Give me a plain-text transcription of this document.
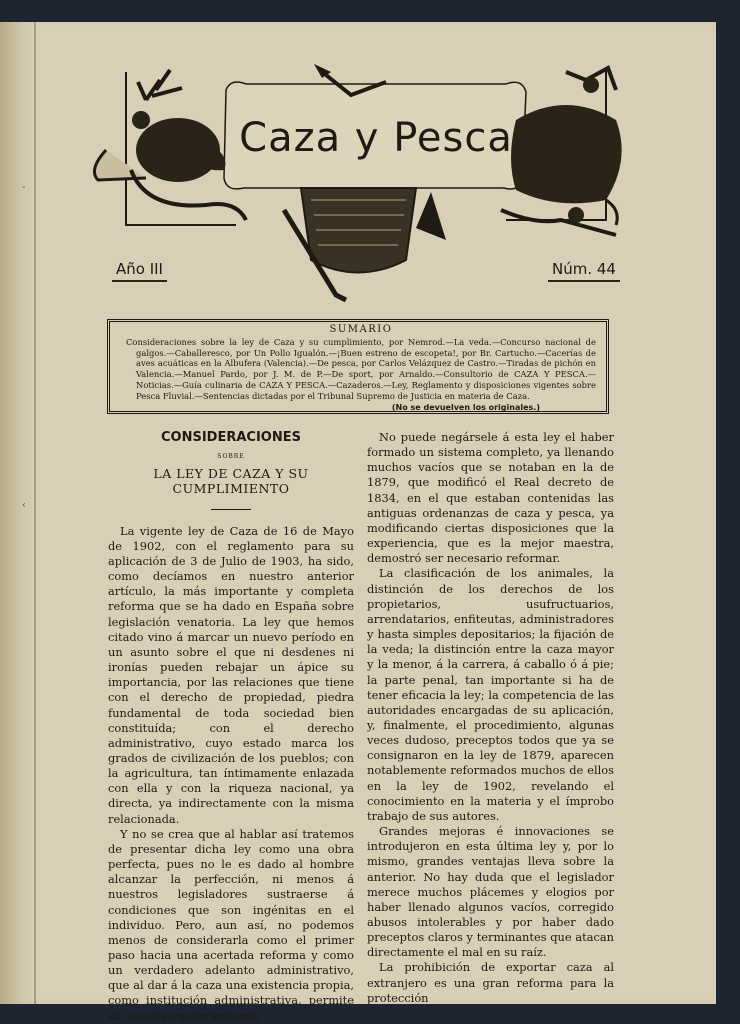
-
‹
Caza y Pesca
Año III	Núm. 44
SUMARIO
Consideraciones sobre la ley de Caza y su cumplimiento, por Nemrod.—La veda.—Concurso nacional de galgos.—Caballeresco, por Un Pollo Igualón.—¡Buen estreno de escopeta!, por Br. Cartucho.—Cacerías de aves acuáticas en la Albufera (Valencia).—De pesca, por Carlos Velázquez de Castro.—Tiradas de pichón en Valencia.—Manuel Pardo, por J. M. de P.—De sport, por Arnaldo.—Consultorio de CAZA Y PESCA.—Noticias.—Guía culinaria de CAZA Y PESCA.—Cazaderos.—Ley, Reglamento y disposiciones vigentes sobre Pesca Fluvial.—Sentencias dictadas por el Tribunal Supremo de Justicia en materia de Caza.
(No se devuelven los originales.)
CONSIDERACIONES
SOBRE
LA LEY DE CAZA Y SU CUMPLIMIENTO

La vigente ley de Caza de 16 de Mayo de 1902, con el reglamento para su aplicación de 3 de Julio de 1903, ha sido, como decíamos en nuestro anterior artículo, la más importante y completa reforma que se ha dado en España sobre legislación venatoria. La ley que hemos citado vino á marcar un nuevo período en un asunto sobre el que ni desdenes ni ironías pueden rebajar un ápice su importancia, por las relaciones que tiene con el derecho de propiedad, piedra fundamental de toda sociedad bien constituída; con el derecho administrativo, cuyo estado marca los grados de civilización de los pueblos; con la agricultura, tan íntimamente enlazada con ella y con la riqueza nacional, ya directa, ya indirectamente con la misma relacionada.

Y no se crea que al hablar así tratemos de presentar dicha ley como una obra perfecta, pues no le es dado al hombre alcanzar la perfección, ni menos á nuestros legisladores sustraerse á condiciones que son ingénitas en el individuo. Pero, aun así, no podemos menos de considerarla como el primer paso hacia una acertada reforma y como un verdadero adelanto administrativo, que al dar á la caza una existencia propia, como institución administrativa, permite su sucesivo mejoramiento.

No puede negársele á esta ley el haber formado un sistema completo, ya llenando muchos vacíos que se notaban en la de 1879, que modificó el Real decreto de 1834, en el que estaban contenidas las antiguas ordenanzas de caza y pesca, ya modificando ciertas disposiciones que la experiencia, que es la mejor maestra, demostró ser necesario reformar.

La clasificación de los animales, la distinción de los derechos de los propietarios, usufructuarios, arrendatarios, enfiteutas, administradores y hasta simples depositarios; la fijación de la veda; la distinción entre la caza mayor y la menor, á la carrera, á caballo ó á pie; la parte penal, tan importante si ha de tener eficacia la ley; la competencia de las autoridades encargadas de su aplicación, y, finalmente, el procedimiento, algunas veces dudoso, preceptos todos que ya se consignaron en la ley de 1879, aparecen notablemente reformados muchos de ellos en la ley de 1902, revelando el conocimiento en la materia y el ímprobo trabajo de sus autores.

Grandes mejoras é innovaciones se introdujeron en esta última ley y, por lo mismo, grandes ventajas lleva sobre la anterior. No hay duda que el legislador merece muchos plácemes y elogios por haber llenado algunos vacíos, corregido abusos intolerables y por haber dado preceptos claros y terminantes que atacan directamente el mal en su raíz.

La prohibición de exportar caza al extranjero es una gran reforma para la protección
